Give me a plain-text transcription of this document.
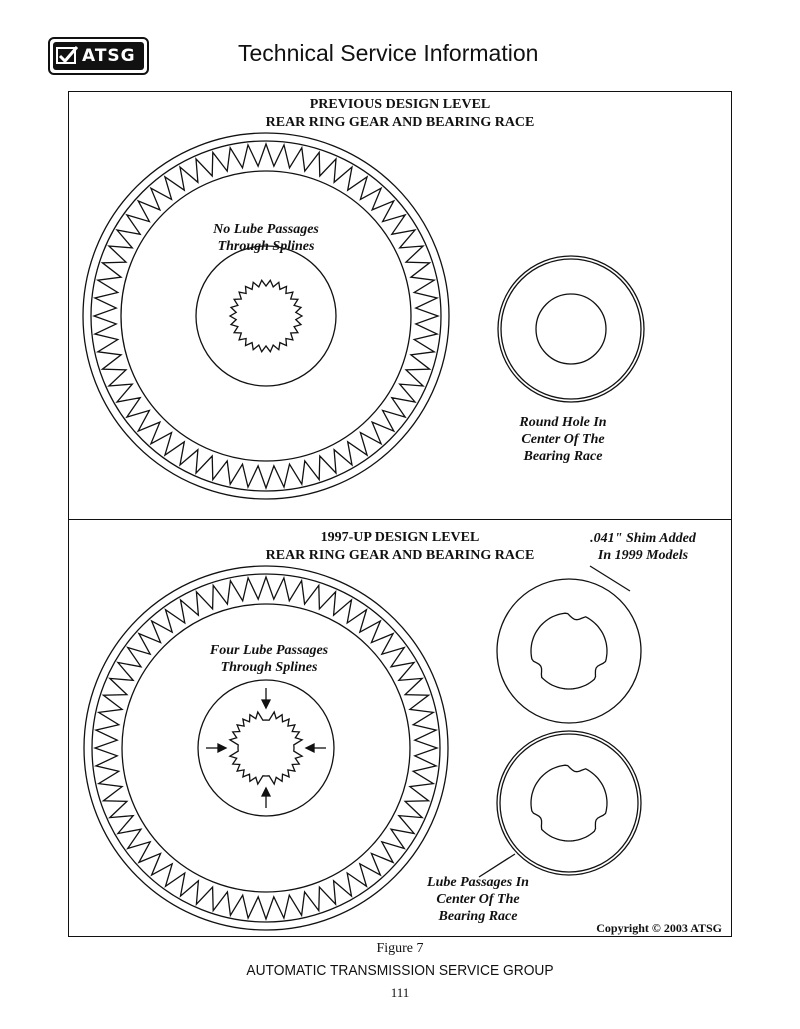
ATSG	Technical Service Information
PREVIOUS DESIGN LEVEL
REAR RING GEAR AND BEARING RACE
No Lube Passages
Through Splines
Round Hole In
Center Of The
Bearing Race
1997-UP DESIGN LEVEL
REAR RING GEAR AND BEARING RACE
.041" Shim Added
In 1999 Models
Four Lube Passages
Through Splines
Lube Passages In
Center Of The
Bearing Race
Copyright © 2003 ATSG
Figure 7
AUTOMATIC TRANSMISSION SERVICE GROUP
111
